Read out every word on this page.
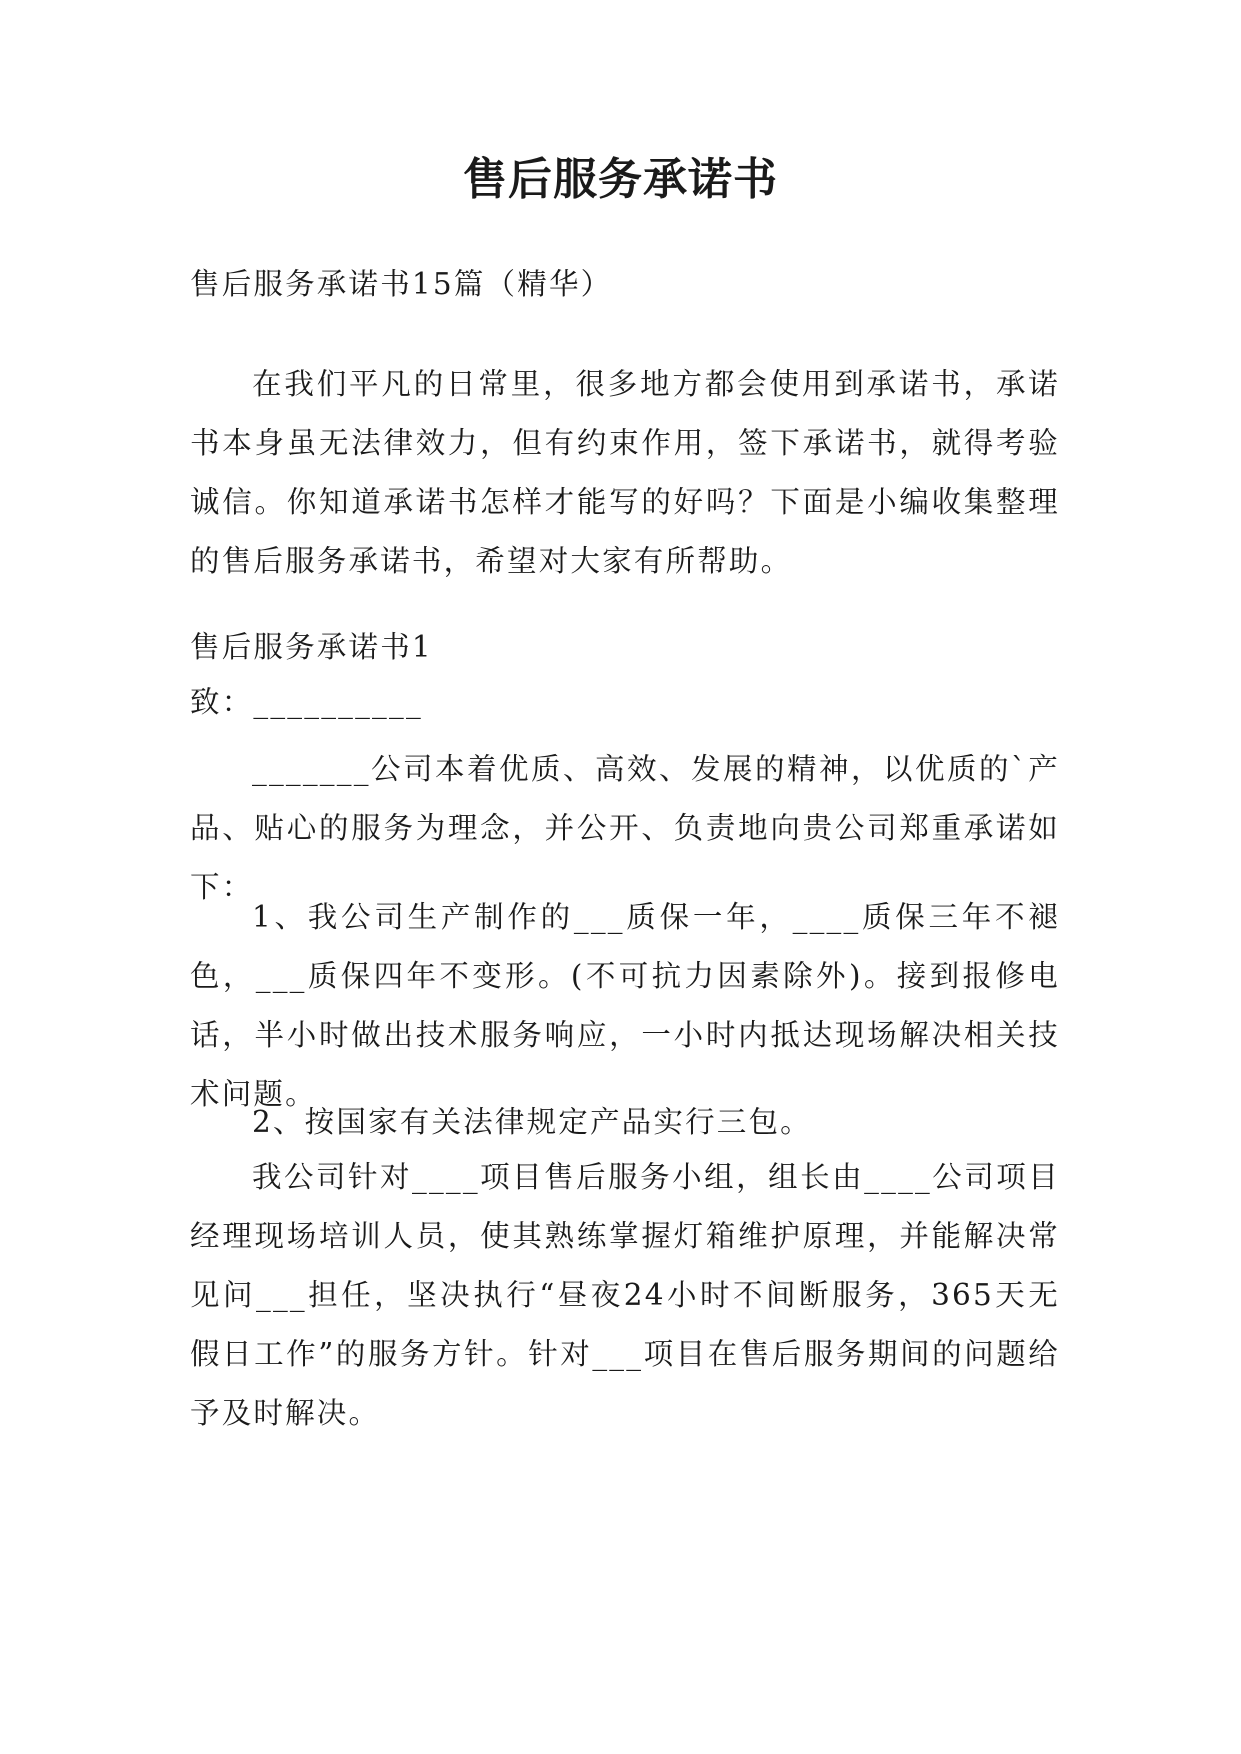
售后服务承诺书
售后服务承诺书15篇（精华）
在我们平凡的日常里，很多地方都会使用到承诺书，承诺书本身虽无法律效力，但有约束作用，签下承诺书，就得考验诚信。你知道承诺书怎样才能写的好吗？下面是小编收集整理的售后服务承诺书，希望对大家有所帮助。
售后服务承诺书1
致：__________
_______公司本着优质、高效、发展的精神，以优质的`产品、贴心的服务为理念，并公开、负责地向贵公司郑重承诺如下：
1、我公司生产制作的___质保一年，____质保三年不褪色，___质保四年不变形。(不可抗力因素除外)。接到报修电话，半小时做出技术服务响应，一小时内抵达现场解决相关技术问题。
2、按国家有关法律规定产品实行三包。
我公司针对____项目售后服务小组，组长由____公司项目经理现场培训人员，使其熟练掌握灯箱维护原理，并能解决常见问___担任，坚决执行“昼夜24小时不间断服务，365天无假日工作”的服务方针。针对___项目在售后服务期间的问题给予及时解决。
